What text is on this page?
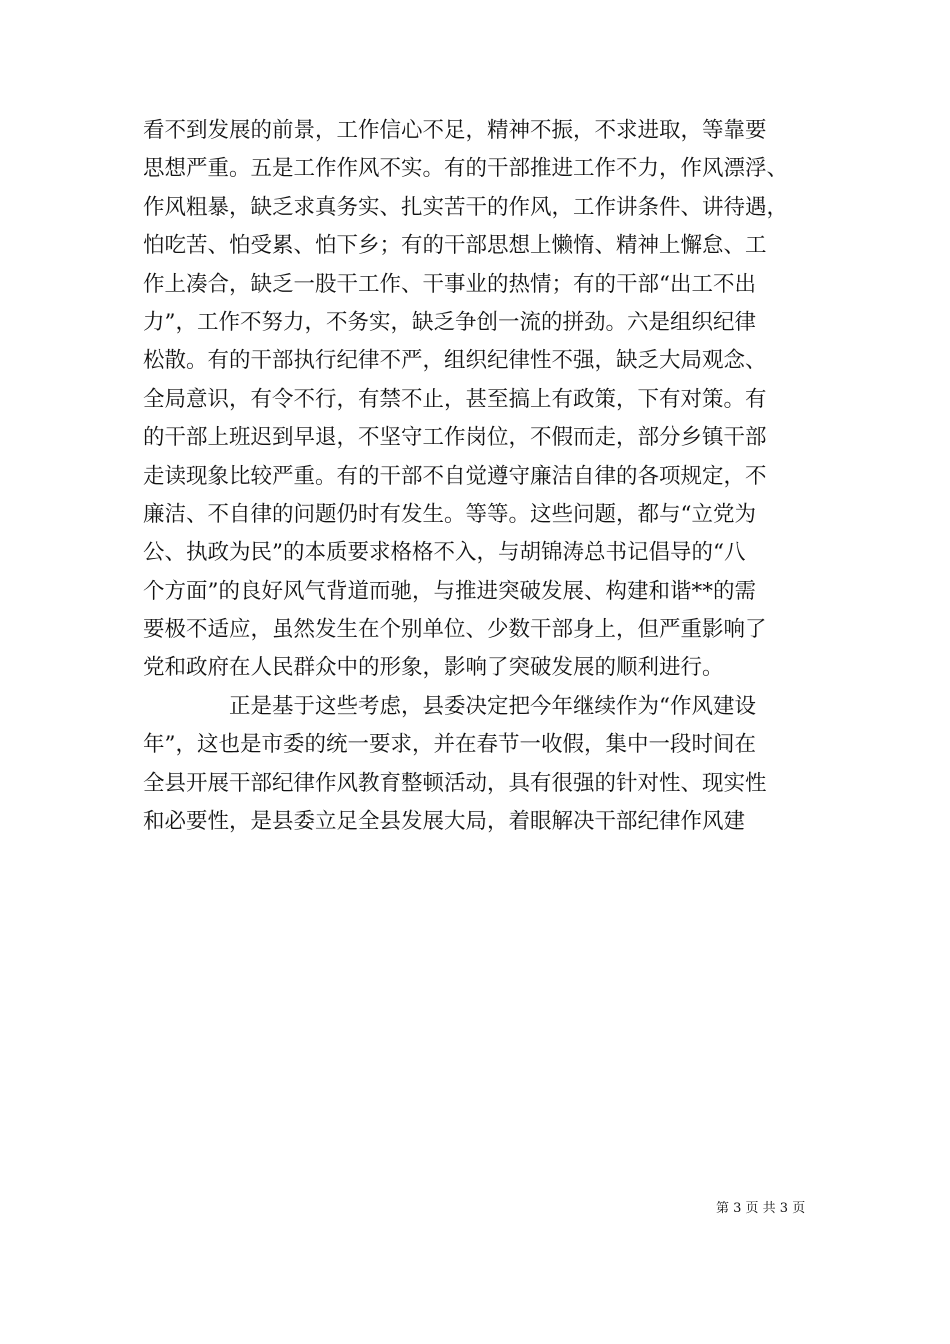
看不到发展的前景，工作信心不足，精神不振，不求进取，等靠要
思想严重。五是工作作风不实。有的干部推进工作不力，作风漂浮、
作风粗暴，缺乏求真务实、扎实苦干的作风，工作讲条件、讲待遇，
怕吃苦、怕受累、怕下乡；有的干部思想上懒惰、精神上懈怠、工
作上凑合，缺乏一股干工作、干事业的热情；有的干部“出工不出
力”，工作不努力，不务实，缺乏争创一流的拼劲。六是组织纪律
松散。有的干部执行纪律不严，组织纪律性不强，缺乏大局观念、
全局意识，有令不行，有禁不止，甚至搞上有政策，下有对策。有
的干部上班迟到早退，不坚守工作岗位，不假而走，部分乡镇干部
走读现象比较严重。有的干部不自觉遵守廉洁自律的各项规定，不
廉洁、不自律的问题仍时有发生。等等。这些问题，都与“立党为
公、执政为民”的本质要求格格不入，与胡锦涛总书记倡导的“八
个方面”的良好风气背道而驰，与推进突破发展、构建和谐**的需
要极不适应，虽然发生在个别单位、少数干部身上，但严重影响了
党和政府在人民群众中的形象，影响了突破发展的顺利进行。
　　　　正是基于这些考虑，县委决定把今年继续作为“作风建设
年”，这也是市委的统一要求，并在春节一收假，集中一段时间在
全县开展干部纪律作风教育整顿活动，具有很强的针对性、现实性
和必要性，是县委立足全县发展大局，着眼解决干部纪律作风建
第 3 页 共 3 页
